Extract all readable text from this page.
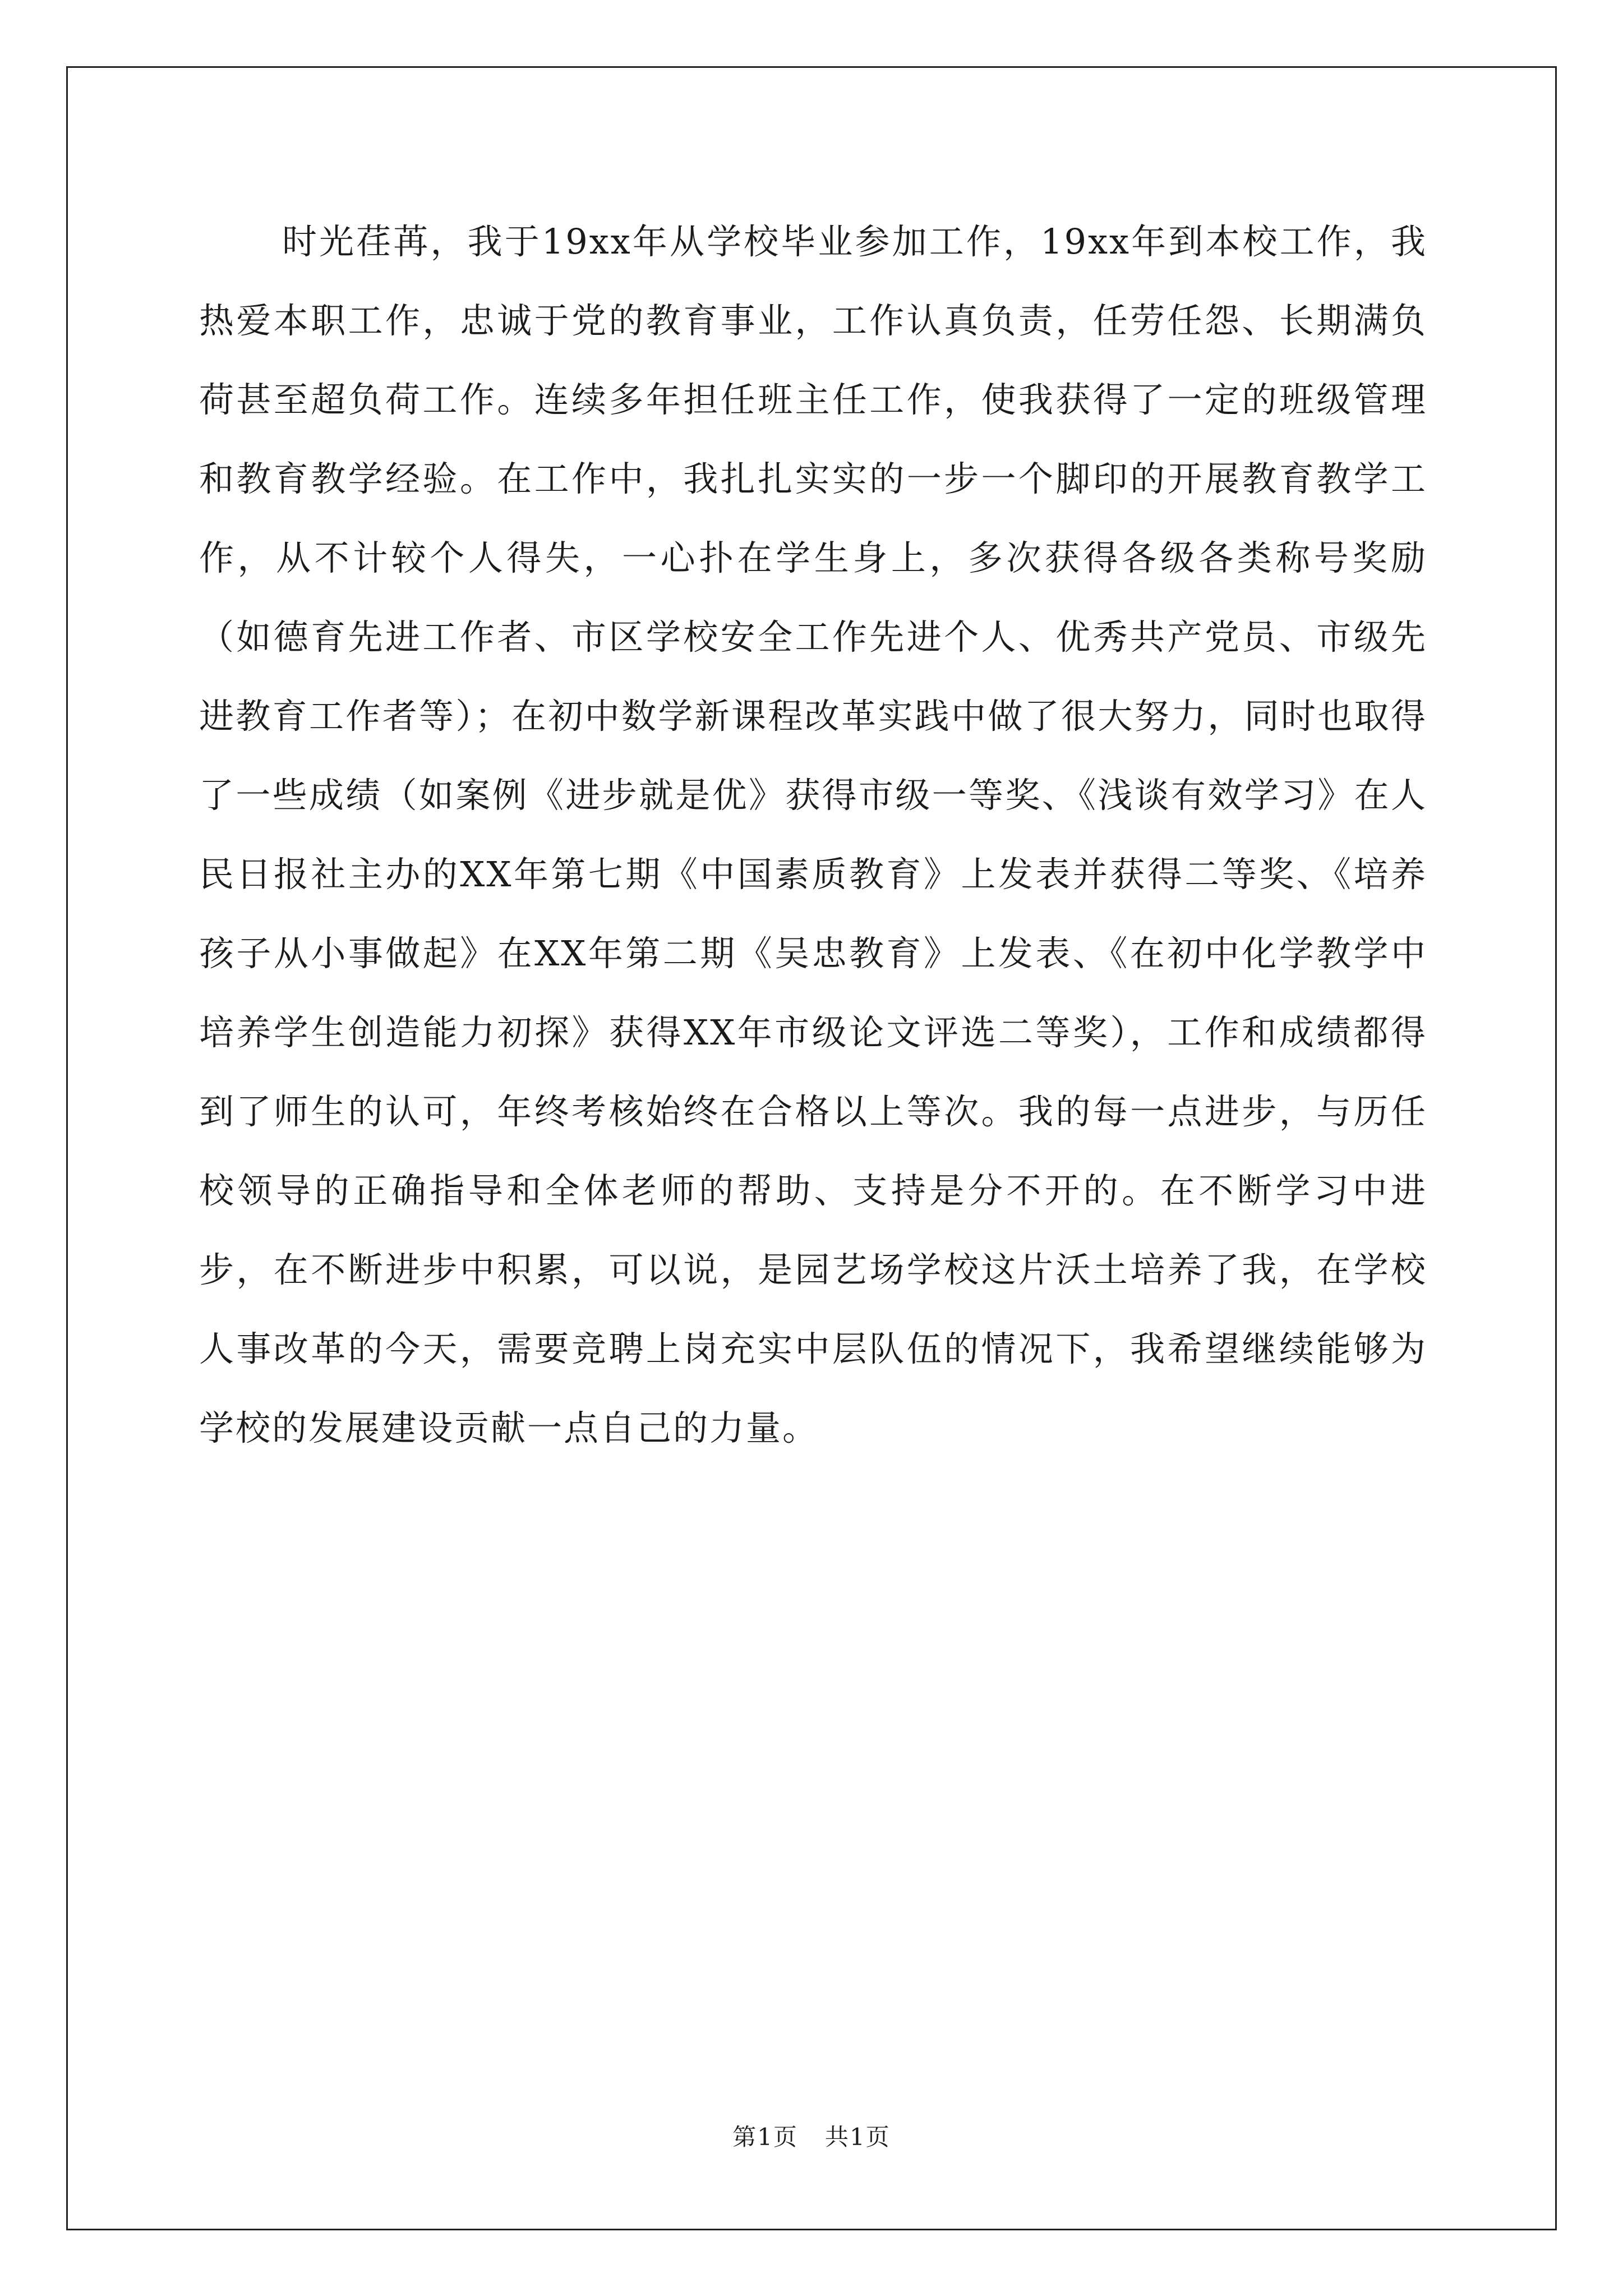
时光荏苒，我于19xx年从学校毕业参加工作，19xx年到本校工作，我热爱本职工作，忠诚于党的教育事业，工作认真负责，任劳任怨、长期满负荷甚至超负荷工作。连续多年担任班主任工作，使我获得了一定的班级管理和教育教学经验。在工作中，我扎扎实实的一步一个脚印的开展教育教学工作，从不计较个人得失，一心扑在学生身上，多次获得各级各类称号奖励（如德育先进工作者、市区学校安全工作先进个人、优秀共产党员、市级先进教育工作者等）；在初中数学新课程改革实践中做了很大努力，同时也取得了一些成绩（如案例《进步就是优》获得市级一等奖、《浅谈有效学习》在人民日报社主办的XX年第七期《中国素质教育》上发表并获得二等奖、《培养孩子从小事做起》在XX年第二期《吴忠教育》上发表、《在初中化学教学中培养学生创造能力初探》获得XX年市级论文评选二等奖），工作和成绩都得到了师生的认可，年终考核始终在合格以上等次。我的每一点进步，与历任校领导的正确指导和全体老师的帮助、支持是分不开的。在不断学习中进步，在不断进步中积累，可以说，是园艺场学校这片沃土培养了我，在学校人事改革的今天，需要竞聘上岗充实中层队伍的情况下，我希望继续能够为学校的发展建设贡献一点自己的力量。

第1页 共1页
